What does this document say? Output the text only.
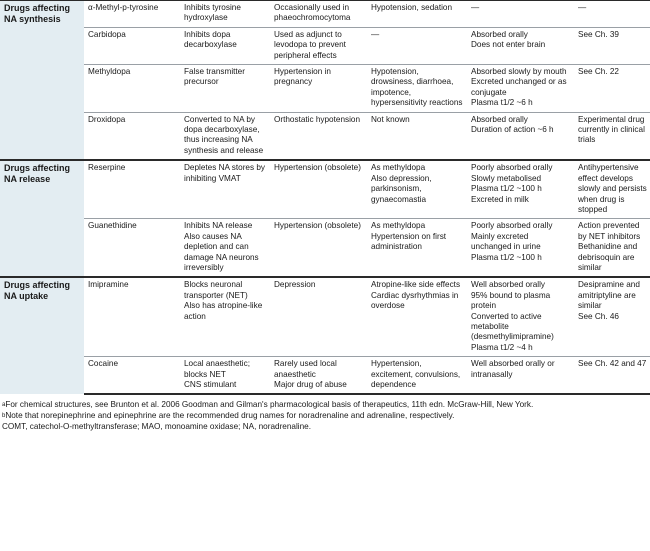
Drugs affecting NA synthesis	α-Methyl-p-tyrosine	Inhibits tyrosine hydroxylase	Occasionally used in phaeochromocytoma	Hypotension, sedation	—	—

	Carbidopa	Inhibits dopa decarboxylase	Used as adjunct to levodopa to prevent peripheral effects	—	Absorbed orally
Does not enter brain	See Ch. 39

	Methyldopa	False transmitter precursor	Hypertension in pregnancy	Hypotension, drowsiness, diarrhoea, impotence, hypersensitivity reactions	Absorbed slowly by mouth
Excreted unchanged or as conjugate
Plasma t1/2 ~6 h	See Ch. 22

	Droxidopa	Converted to NA by dopa decarboxylase, thus increasing NA synthesis and release	Orthostatic hypotension	Not known	Absorbed orally
Duration of action ~6 h	Experimental drug currently in clinical trials

Drugs affecting NA release	Reserpine	Depletes NA stores by inhibiting VMAT	Hypertension (obsolete)	As methyldopa
Also depression, parkinsonism, gynaecomastia	Poorly absorbed orally
Slowly metabolised
Plasma t1/2 ~100 h
Excreted in milk	Antihypertensive effect develops slowly and persists when drug is stopped

	Guanethidine	Inhibits NA release
Also causes NA depletion and can damage NA neurons irreversibly	Hypertension (obsolete)	As methyldopa
Hypertension on first administration	Poorly absorbed orally
Mainly excreted unchanged in urine
Plasma t1/2 ~100 h	Action prevented by NET inhibitors
Bethanidine and debrisoquin are similar

Drugs affecting NA uptake	Imipramine	Blocks neuronal transporter (NET)
Also has atropine-like action	Depression	Atropine-like side effects
Cardiac dysrhythmias in overdose	Well absorbed orally
95% bound to plasma protein
Converted to active metabolite (desmethylimipramine)
Plasma t1/2 ~4 h	Desipramine and amitriptyline are similar
See Ch. 46

	Cocaine	Local anaesthetic; blocks NET
CNS stimulant	Rarely used local anaesthetic
Major drug of abuse	Hypertension, excitement, convulsions, dependence	Well absorbed orally or intranasally	See Ch. 42 and 47
$^a$For chemical structures, see Brunton et al. 2006 Goodman and Gilman's pharmacological basis of therapeutics, 11th edn. McGraw-Hill, New York.
$^b$Note that norepinephrine and epinephrine are the recommended drug names for noradrenaline and adrenaline, respectively.
COMT, catechol-O-methyltransferase; MAO, monoamine oxidase; NA, noradrenaline.
